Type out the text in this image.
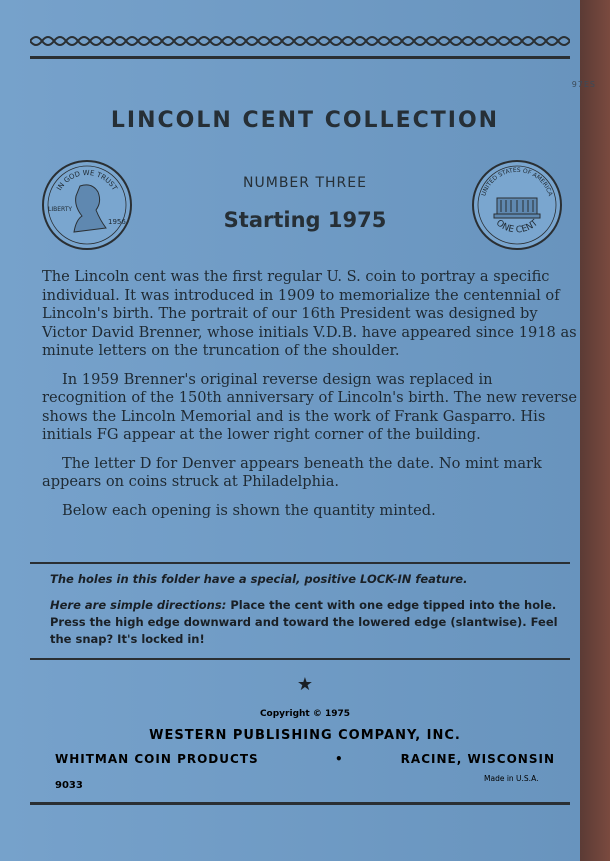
97ES
LINCOLN CENT COLLECTION
NUMBER THREE
Starting 1975
IN GOD WE TRUST
LIBERTY
1956
UNITED STATES OF AMERICA
ONE CENT

The Lincoln cent was the first regular U. S. coin to portray a specific individual. It was introduced in 1909 to memorialize the centennial of Lincoln's birth. The portrait of our 16th President was designed by Victor David Brenner, whose initials V.D.B. have appeared since 1918 as minute letters on the truncation of the shoulder.

In 1959 Brenner's original reverse design was replaced in recognition of the 150th anniversary of Lincoln's birth. The new reverse shows the Lincoln Memorial and is the work of Frank Gasparro. His initials FG appear at the lower right corner of the building.

The letter D for Denver appears beneath the date. No mint mark appears on coins struck at Philadelphia.

Below each opening is shown the quantity minted.

The holes in this folder have a special, positive LOCK-IN feature.
Here are simple directions: Place the cent with one edge tipped into the hole. Press the high edge downward and toward the lowered edge (slantwise). Feel the snap? It's locked in!
★
Copyright © 1975
WESTERN PUBLISHING COMPANY, INC.
WHITMAN COIN PRODUCTS	•	RACINE, WISCONSIN
9033
Made in U.S.A.
